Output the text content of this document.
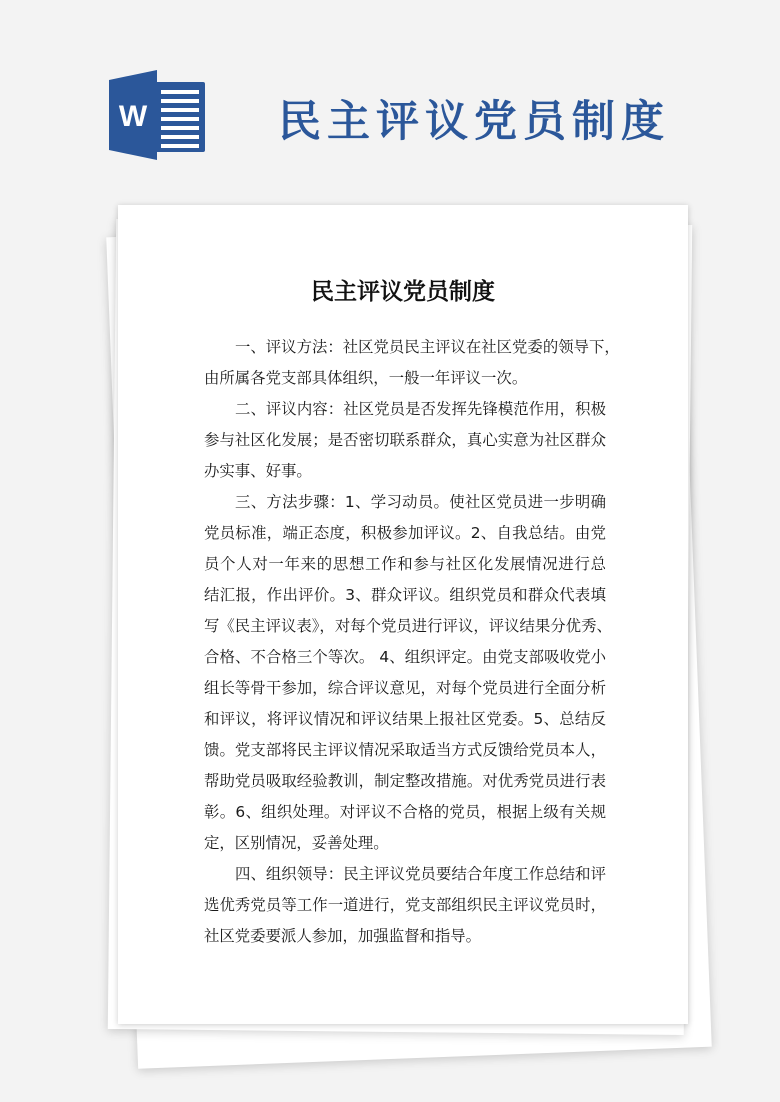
W	民主评议党员制度
民主评议党员制度
一、评议方法：社区党员民主评议在社区党委的领导下，
由所属各党支部具体组织，一般一年评议一次。
二、评议内容：社区党员是否发挥先锋模范作用，积极
参与社区化发展；是否密切联系群众，真心实意为社区群众
办实事、好事。
三、方法步骤：1、学习动员。使社区党员进一步明确
党员标准，端正态度，积极参加评议。2、自我总结。由党
员个人对一年来的思想工作和参与社区化发展情况进行总
结汇报，作出评价。3、群众评议。组织党员和群众代表填
写《民主评议表》，对每个党员进行评议，评议结果分优秀、
合格、不合格三个等次。 4、组织评定。由党支部吸收党小
组长等骨干参加，综合评议意见，对每个党员进行全面分析
和评议，将评议情况和评议结果上报社区党委。5、总结反
馈。党支部将民主评议情况采取适当方式反馈给党员本人，
帮助党员吸取经验教训，制定整改措施。对优秀党员进行表
彰。6、组织处理。对评议不合格的党员，根据上级有关规
定，区别情况，妥善处理。
四、组织领导：民主评议党员要结合年度工作总结和评
选优秀党员等工作一道进行，党支部组织民主评议党员时，
社区党委要派人参加，加强监督和指导。
